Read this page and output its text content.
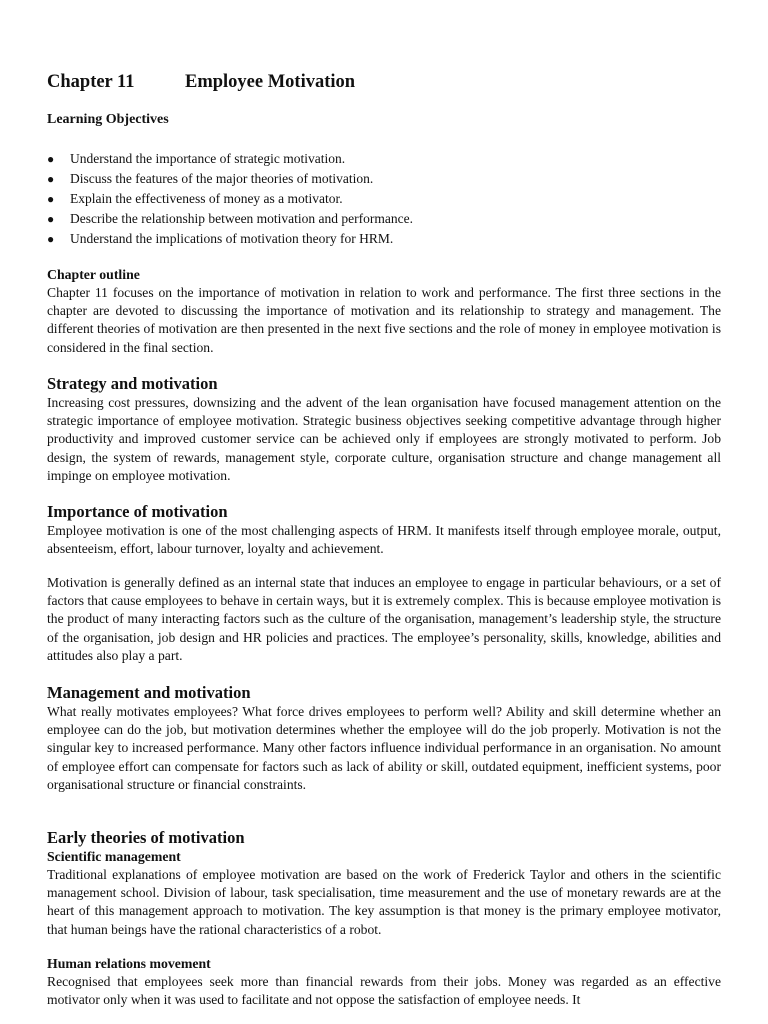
Chapter 11	Employee Motivation
Learning Objectives
● Understand the importance of strategic motivation.
● Discuss the features of the major theories of motivation.
● Explain the effectiveness of money as a motivator.
● Describe the relationship between motivation and performance.
● Understand the implications of motivation theory for HRM.
Chapter outline

Chapter 11 focuses on the importance of motivation in relation to work and performance. The first three sections in the chapter are devoted to discussing the importance of motivation and its relationship to strategy and management. The different theories of motivation are then presented in the next five sections and the role of money in employee motivation is considered in the final section.

Strategy and motivation

Increasing cost pressures, downsizing and the advent of the lean organisation have focused management attention on the strategic importance of employee motivation. Strategic business objectives seeking competitive advantage through higher productivity and improved customer service can be achieved only if employees are strongly motivated to perform. Job design, the system of rewards, management style, corporate culture, organisation structure and change management all impinge on employee motivation.

Importance of motivation

Employee motivation is one of the most challenging aspects of HRM. It manifests itself through employee morale, output, absenteeism, effort, labour turnover, loyalty and achievement.

Motivation is generally defined as an internal state that induces an employee to engage in particular behaviours, or a set of factors that cause employees to behave in certain ways, but it is extremely complex. This is because employee motivation is the product of many interacting factors such as the culture of the organisation, management’s leadership style, the structure of the organisation, job design and HR policies and practices. The employee’s personality, skills, knowledge, abilities and attitudes also play a part.

Management and motivation

What really motivates employees? What force drives employees to perform well? Ability and skill determine whether an employee can do the job, but motivation determines whether the employee will do the job properly. Motivation is not the singular key to increased performance. Many other factors influence individual performance in an organisation. No amount of employee effort can compensate for factors such as lack of ability or skill, outdated equipment, inefficient systems, poor organisational structure or financial constraints.

Early theories of motivation
Scientific management

Traditional explanations of employee motivation are based on the work of Frederick Taylor and others in the scientific management school. Division of labour, task specialisation, time measurement and the use of monetary rewards are at the heart of this management approach to motivation. The key assumption is that money is the primary employee motivator, that human beings have the rational characteristics of a robot.

Human relations movement

Recognised that employees seek more than financial rewards from their jobs. Money was regarded as an effective motivator only when it was used to facilitate and not oppose the satisfaction of employee needs. It
